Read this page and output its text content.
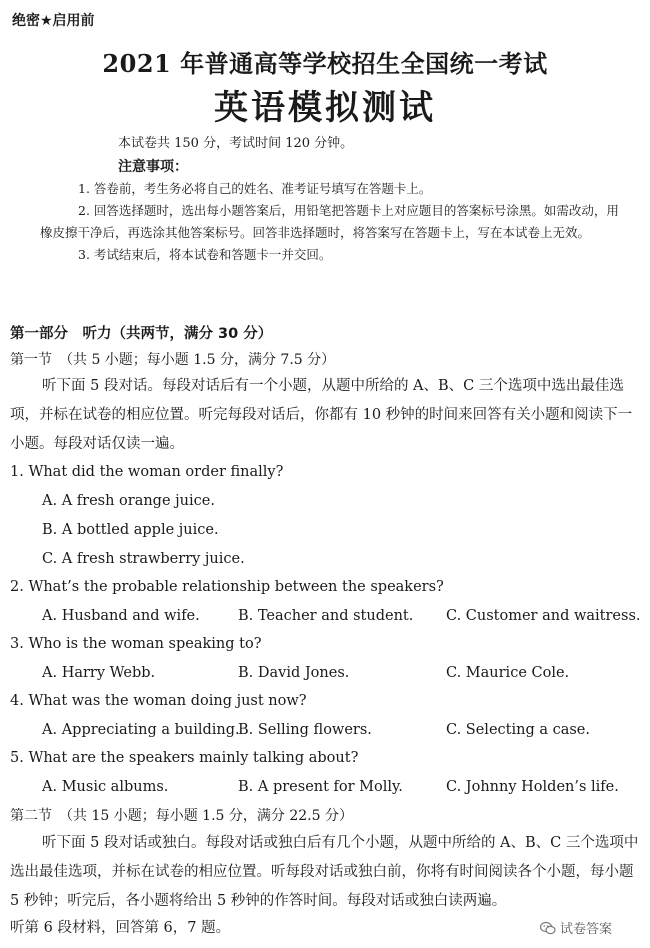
绝密★启用前
2021 年普通高等学校招生全国统一考试
英语模拟测试
本试卷共 150 分，考试时间 120 分钟。
注意事项：

1. 答卷前，考生务必将自己的姓名、准考证号填写在答题卡上。

2. 回答选择题时，选出每小题答案后，用铅笔把答题卡上对应题目的答案标号涂黑。如需改动，用橡皮擦干净后，再选涂其他答案标号。回答非选择题时，将答案写在答题卡上，写在本试卷上无效。

3. 考试结束后，将本试卷和答题卡一并交回。

第一部分　听力（共两节，满分 30 分）
第一节　（共 5 小题；每小题 1.5 分，满分 7.5 分）

听下面 5 段对话。每段对话后有一个小题，从题中所给的 A、B、C 三个选项中选出最佳选项，并标在试卷的相应位置。听完每段对话后，你都有 10 秒钟的时间来回答有关小题和阅读下一小题。每段对话仅读一遍。

1. What did the woman order finally?
A. A fresh orange juice.
B. A bottled apple juice.
C. A fresh strawberry juice.
2. What’s the probable relationship between the speakers?
A. Husband and wife.	B. Teacher and student. C. Customer and waitress.
3. Who is the woman speaking to?
A. Harry Webb.	B. David Jones.	C. Maurice Cole.
4. What was the woman doing just now?
A. Appreciating a building.
B. Selling flowers.	C. Selecting a case.
5. What are the speakers mainly talking about?
A. Music albums.	B. A present for Molly.	C. Johnny Holden’s life.
第二节　（共 15 小题；每小题 1.5 分，满分 22.5 分）

听下面 5 段对话或独白。每段对话或独白后有几个小题，从题中所给的 A、B、C 三个选项中选出最佳选项，并标在试卷的相应位置。听每段对话或独白前，你将有时间阅读各个小题，每小题 5 秒钟；听完后，各小题将给出 5 秒钟的作答时间。每段对话或独白读两遍。

听第 6 段材料，回答第 6，7 题。	试卷答案
